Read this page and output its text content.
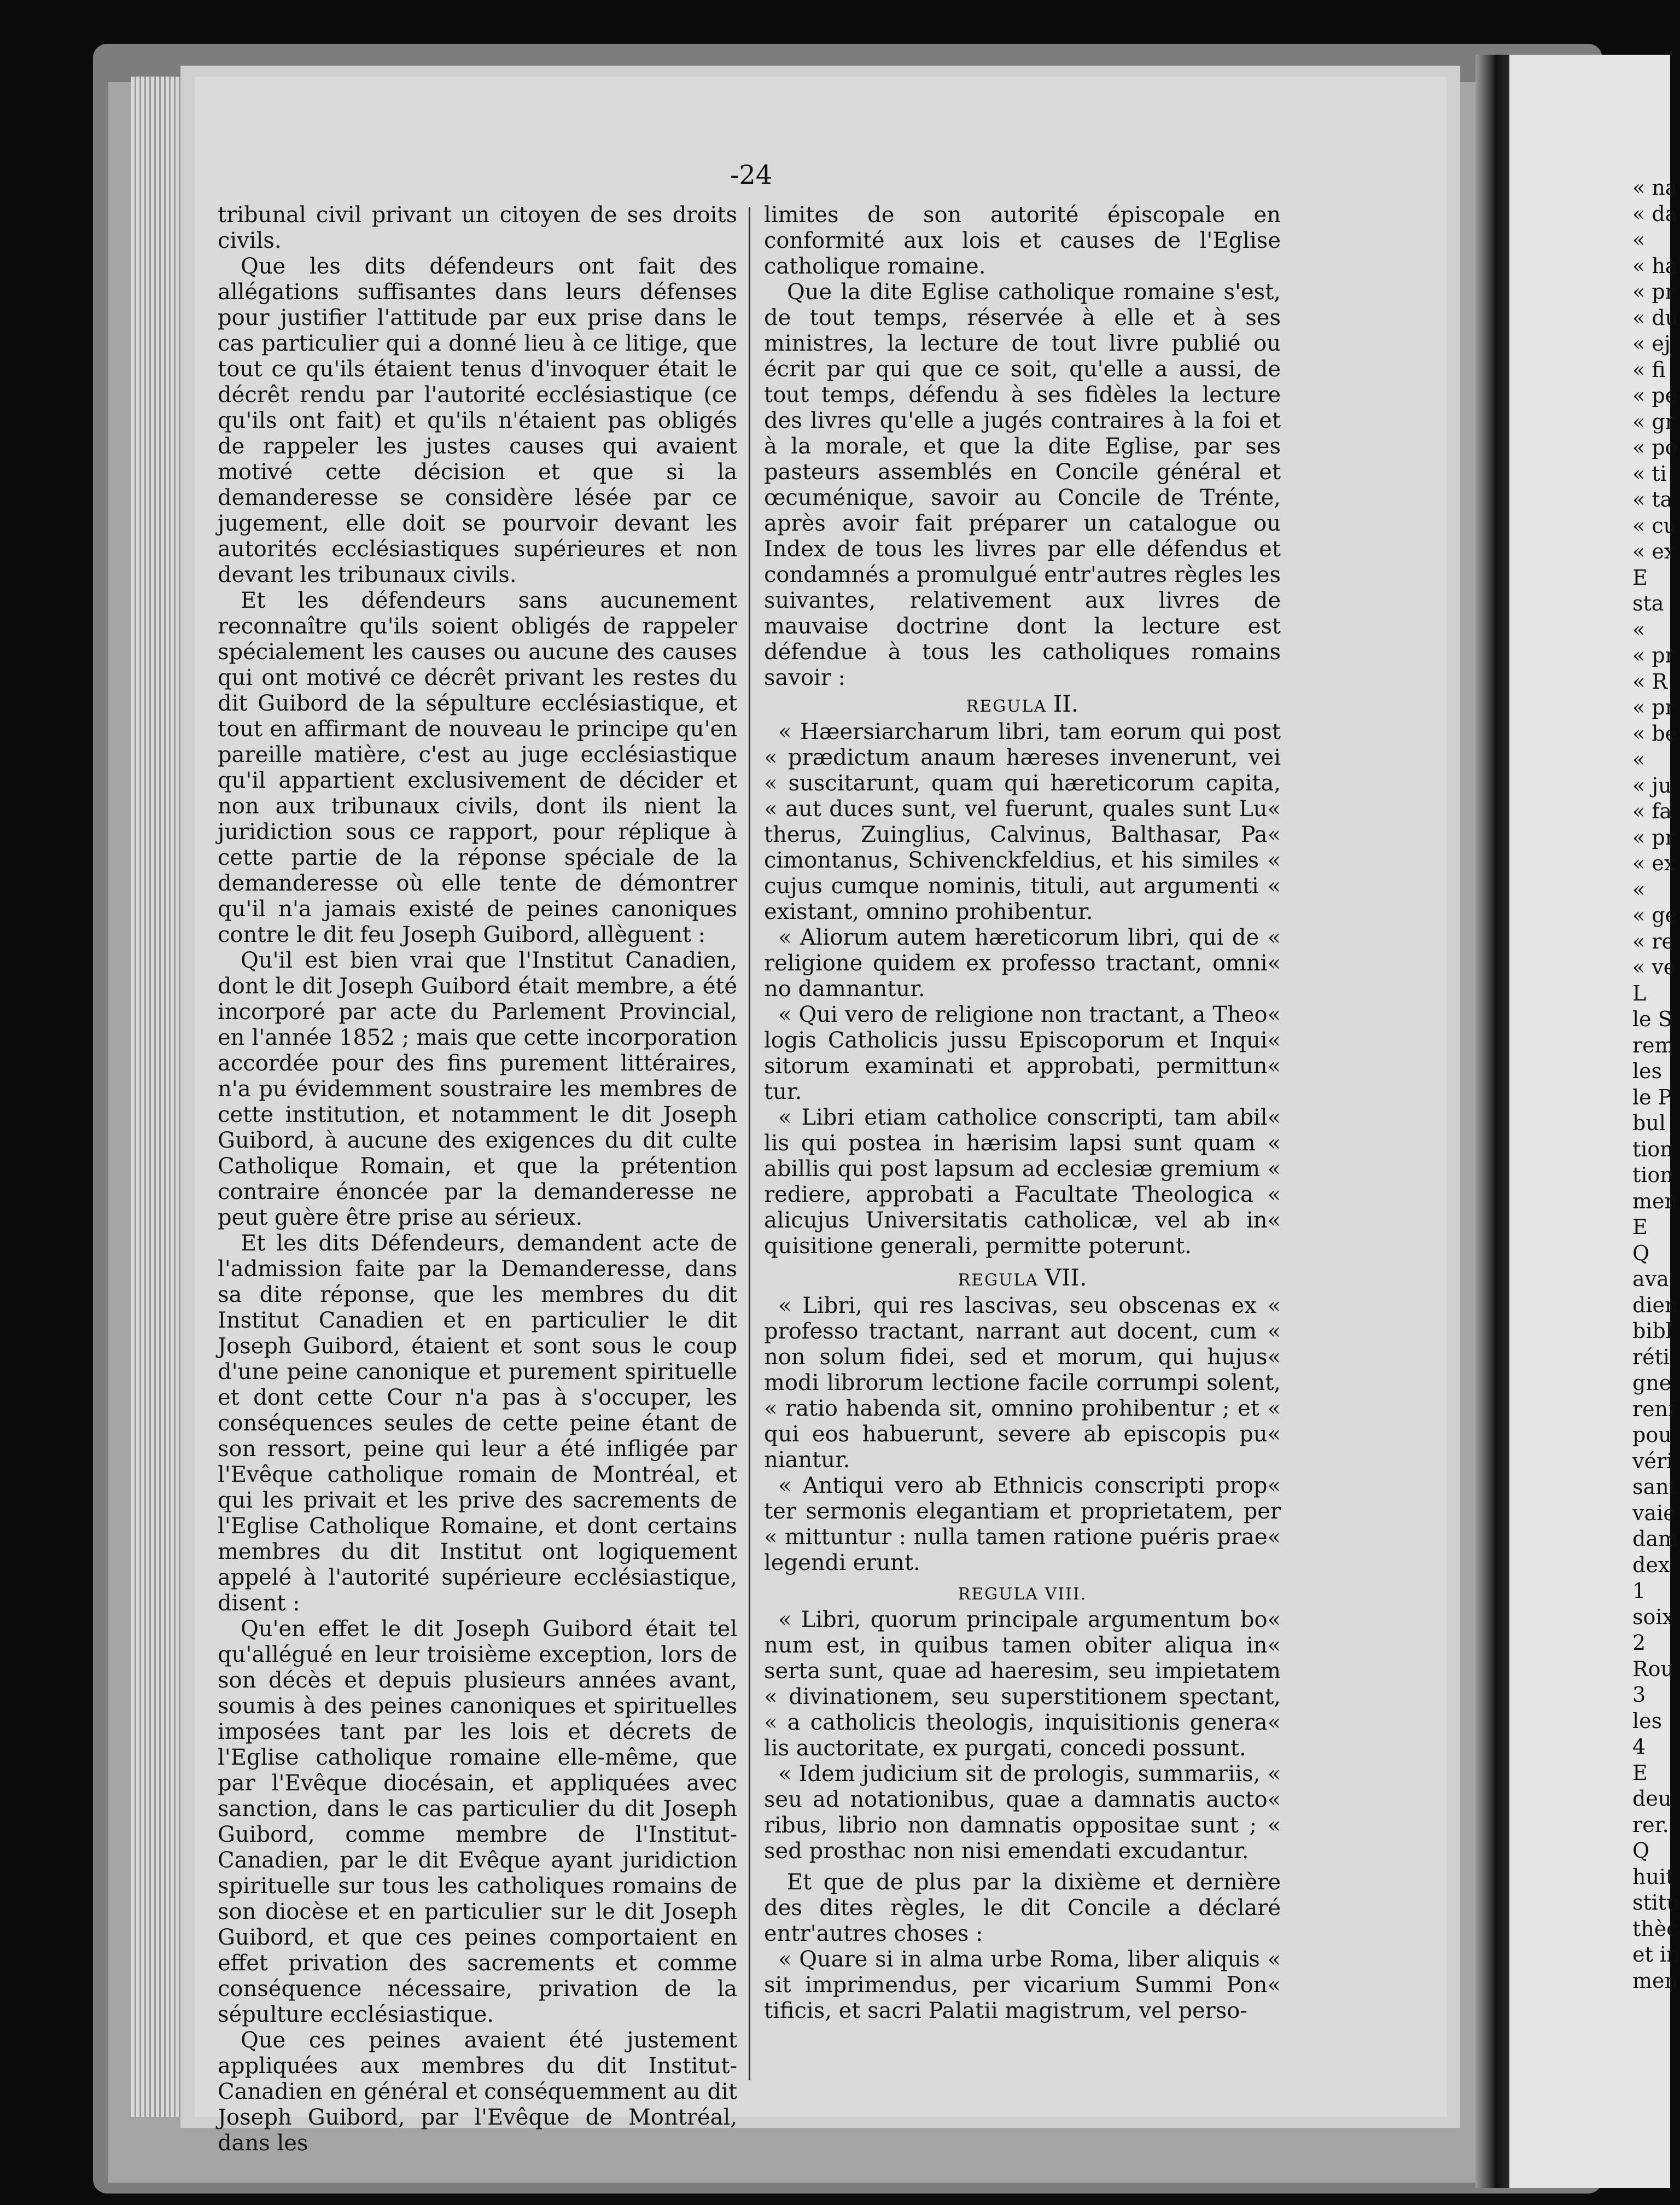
-24

tribunal civil privant un citoyen de ses droits civils.

Que les dits défendeurs ont fait des allégations suffisantes dans leurs défenses pour justifier l'attitude par eux prise dans le cas particulier qui a donné lieu à ce litige, que tout ce qu'ils étaient tenus d'invoquer était le décrêt rendu par l'autorité ecclésiastique (ce qu'ils ont fait) et qu'ils n'étaient pas obligés de rappeler les justes causes qui avaient motivé cette décision et que si la demanderesse se considère lésée par ce jugement, elle doit se pourvoir devant les autorités ecclésiastiques supérieures et non devant les tribunaux civils.

Et les défendeurs sans aucunement reconnaître qu'ils soient obligés de rappeler spécialement les causes ou aucune des causes qui ont motivé ce décrêt privant les restes du dit Guibord de la sépulture ecclésiastique, et tout en affirmant de nouveau le principe qu'en pareille matière, c'est au juge ecclésiastique qu'il appartient exclusivement de décider et non aux tribunaux civils, dont ils nient la juridiction sous ce rapport, pour réplique à cette partie de la réponse spéciale de la demanderesse où elle tente de démontrer qu'il n'a jamais existé de peines canoniques contre le dit feu Joseph Guibord, allèguent :

Qu'il est bien vrai que l'Institut Canadien, dont le dit Joseph Guibord était membre, a été incorporé par acte du Parlement Provincial, en l'année 1852 ; mais que cette incorporation accordée pour des fins purement littéraires, n'a pu évidemment soustraire les membres de cette institution, et notamment le dit Joseph Guibord, à aucune des exigences du dit culte Catholique Romain, et que la prétention contraire énoncée par la demanderesse ne peut guère être prise au sérieux.

Et les dits Défendeurs, demandent acte de l'admission faite par la Demanderesse, dans sa dite réponse, que les membres du dit Institut Canadien et en particulier le dit Joseph Guibord, étaient et sont sous le coup d'une peine canonique et purement spirituelle et dont cette Cour n'a pas à s'occuper, les conséquences seules de cette peine étant de son ressort, peine qui leur a été infligée par l'Evêque catholique romain de Montréal, et qui les privait et les prive des sacrements de l'Eglise Catholique Romaine, et dont certains membres du dit Institut ont logiquement appelé à l'autorité supérieure ecclésiastique, disent :

Qu'en effet le dit Joseph Guibord était tel qu'allégué en leur troisième exception, lors de son décès et depuis plusieurs années avant, soumis à des peines canoniques et spirituelles imposées tant par les lois et décrets de l'Eglise catholique romaine elle-même, que par l'Evêque diocésain, et appliquées avec sanction, dans le cas particulier du dit Joseph Guibord, comme membre de l'Institut-Canadien, par le dit Evêque ayant juridiction spirituelle sur tous les catholiques romains de son diocèse et en particulier sur le dit Joseph Guibord, et que ces peines comportaient en effet privation des sacrements et comme conséquence nécessaire, privation de la sépulture ecclésiastique.

Que ces peines avaient été justement appliquées aux membres du dit Institut-Canadien en général et conséquemment au dit Joseph Guibord, par l'Evêque de Montréal, dans les

limites de son autorité épiscopale en conformité aux lois et causes de l'Eglise catholique romaine.

Que la dite Eglise catholique romaine s'est, de tout temps, réservée à elle et à ses ministres, la lecture de tout livre publié ou écrit par qui que ce soit, qu'elle a aussi, de tout temps, défendu à ses fidèles la lecture des livres qu'elle a jugés contraires à la foi et à la morale, et que la dite Eglise, par ses pasteurs assemblés en Concile général et œcuménique, savoir au Concile de Trénte, après avoir fait préparer un catalogue ou Index de tous les livres par elle défendus et condamnés a promulgué entr'autres règles les suivantes, relativement aux livres de mauvaise doctrine dont la lecture est défendue à tous les catholiques romains savoir :

REGULA II.

« Hæersiarcharum libri, tam eorum qui post « prædictum anaum hæreses invenerunt, vei « suscitarunt, quam qui hæreticorum capita, « aut duces sunt, vel fuerunt, quales sunt Lu« therus, Zuinglius, Calvinus, Balthasar, Pa« cimontanus, Schivenckfeldius, et his similes « cujus cumque nominis, tituli, aut argumenti « existant, omnino prohibentur.

« Aliorum autem hæreticorum libri, qui de « religione quidem ex professo tractant, omni« no damnantur.

« Qui vero de religione non tractant, a Theo« logis Catholicis jussu Episcoporum et Inqui« sitorum examinati et approbati, permittun« tur.

« Libri etiam catholice conscripti, tam abil« lis qui postea in hærisim lapsi sunt quam « abillis qui post lapsum ad ecclesiæ gremium « rediere, approbati a Facultate Theologica « alicujus Universitatis catholicæ, vel ab in« quisitione generali, permitte poterunt.

REGULA VII.

« Libri, qui res lascivas, seu obscenas ex « professo tractant, narrant aut docent, cum « non solum fidei, sed et morum, qui hujus« modi librorum lectione facile corrumpi solent, « ratio habenda sit, omnino prohibentur ; et « qui eos habuerunt, severe ab episcopis pu« niantur.

« Antiqui vero ab Ethnicis conscripti prop« ter sermonis elegantiam et proprietatem, per « mittuntur : nulla tamen ratione puéris prae« legendi erunt.

REGULA VIII.

« Libri, quorum principale argumentum bo« num est, in quibus tamen obiter aliqua in« serta sunt, quae ad haeresim, seu impietatem « divinationem, seu superstitionem spectant, « a catholicis theologis, inquisitionis genera« lis auctoritate, ex purgati, concedi possunt.

« Idem judicium sit de prologis, summariis, « seu ad notationibus, quae a damnatis aucto« ribus, librio non damnatis oppositae sunt ; « sed prosthac non nisi emendati excudantur.

Et que de plus par la dixième et dernière des dites règles, le dit Concile a déclaré entr'autres choses :

« Quare si in alma urbe Roma, liber aliquis « sit imprimendus, per vicarium Summi Pon« tificis, et sacri Palatii magistrum, vel perso-

« na
« da
«
« ha
« pr
« du
« ej
« fi
« pe
« gr
« po
« ti
« ta
« cu
« ex
E
sta
«
« pr
« R
« pr
« be
«
« ju
« fa
« pr
« ex
«
« ge
« re
« ve
L
le S
rem
les
le P
bul
tion
tion
men
E
Q
ava
dien
bibl
réti
gne
renf
pou
véri
sant
vaie
dam
dex
1
soix
2
Rou
3
les
4
E
deu
rer.
Q
huit
stitu
thèc
et in
men
